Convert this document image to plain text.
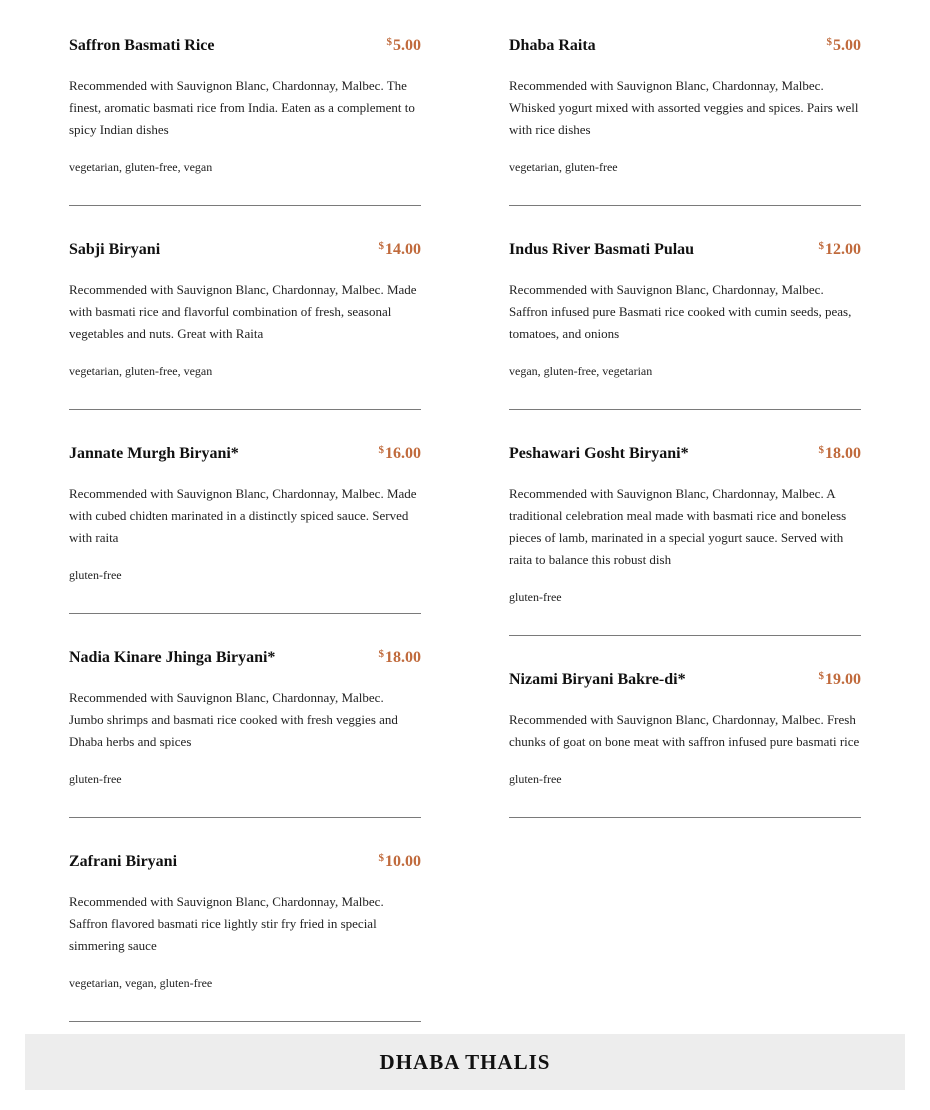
Saffron Basmati Rice	$5.00
Recommended with Sauvignon Blanc, Chardonnay, Malbec. The finest, aromatic basmati rice from India. Eaten as a complement to spicy Indian dishes
vegetarian, gluten-free, vegan
Sabji Biryani	$14.00
Recommended with Sauvignon Blanc, Chardonnay, Malbec. Made with basmati rice and flavorful combination of fresh, seasonal vegetables and nuts. Great with Raita
vegetarian, gluten-free, vegan
Jannate Murgh Biryani*	$16.00
Recommended with Sauvignon Blanc, Chardonnay, Malbec. Made with cubed chidten marinated in a distinctly spiced sauce. Served with raita
gluten-free
Nadia Kinare Jhinga Biryani*	$18.00
Recommended with Sauvignon Blanc, Chardonnay, Malbec. Jumbo shrimps and basmati rice cooked with fresh veggies and Dhaba herbs and spices
gluten-free
Zafrani Biryani	$10.00
Recommended with Sauvignon Blanc, Chardonnay, Malbec. Saffron flavored basmati rice lightly stir fry fried in special simmering sauce
vegetarian, vegan, gluten-free
Dhaba Raita	$5.00
Recommended with Sauvignon Blanc, Chardonnay, Malbec. Whisked yogurt mixed with assorted veggies and spices. Pairs well with rice dishes
vegetarian, gluten-free
Indus River Basmati Pulau	$12.00
Recommended with Sauvignon Blanc, Chardonnay, Malbec. Saffron infused pure Basmati rice cooked with cumin seeds, peas, tomatoes, and onions
vegan, gluten-free, vegetarian
Peshawari Gosht Biryani*	$18.00
Recommended with Sauvignon Blanc, Chardonnay, Malbec. A traditional celebration meal made with basmati rice and boneless pieces of lamb, marinated in a special yogurt sauce. Served with raita to balance this robust dish
gluten-free
Nizami Biryani Bakre-di*	$19.00
Recommended with Sauvignon Blanc, Chardonnay, Malbec. Fresh chunks of goat on bone meat with saffron infused pure basmati rice
gluten-free
DHABA THALIS
